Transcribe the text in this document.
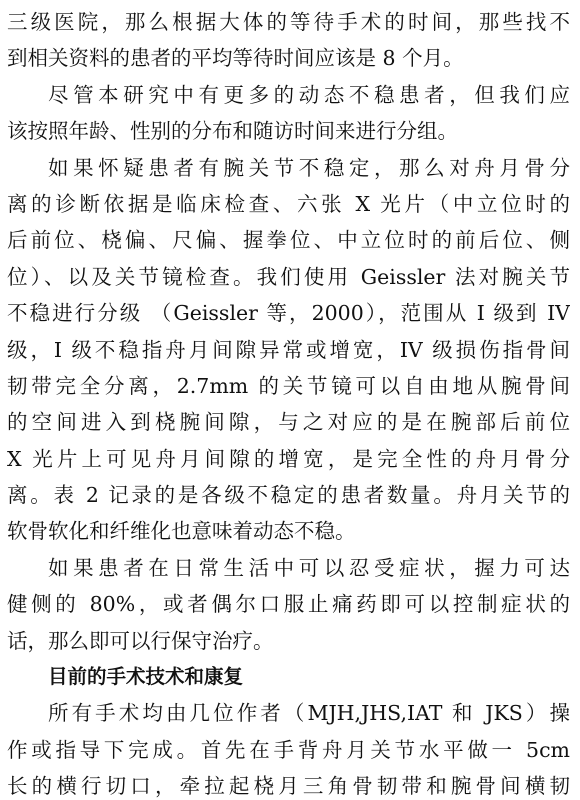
三级医院，那么根据大体的等待手术的时间，那些找不
到相关资料的患者的平均等待时间应该是 8 个月。
尽管本研究中有更多的动态不稳患者，但我们应
该按照年龄、性别的分布和随访时间来进行分组。
如果怀疑患者有腕关节不稳定，那么对舟月骨分
离的诊断依据是临床检查、六张 X 光片（中立位时的
后前位、桡偏、尺偏、握拳位、中立位时的前后位、侧
位）、以及关节镜检查。我们使用 Geissler 法对腕关节
不稳进行分级 （Geissler 等，2000），范围从 I 级到 IV
级，I 级不稳指舟月间隙异常或增宽，IV 级损伤指骨间
韧带完全分离，2.7mm 的关节镜可以自由地从腕骨间
的空间进入到桡腕间隙，与之对应的是在腕部后前位
X 光片上可见舟月间隙的增宽，是完全性的舟月骨分
离。表 2 记录的是各级不稳定的患者数量。舟月关节的
软骨软化和纤维化也意味着动态不稳。
如果患者在日常生活中可以忍受症状，握力可达
健侧的 80%，或者偶尔口服止痛药即可以控制症状的
话，那么即可以行保守治疗。
目前的手术技术和康复
所有手术均由几位作者（MJH,JHS,IAT 和 JKS）操
作或指导下完成。首先在手背舟月关节水平做一 5cm
长的横行切口，牵拉起桡月三角骨韧带和腕骨间横韧
